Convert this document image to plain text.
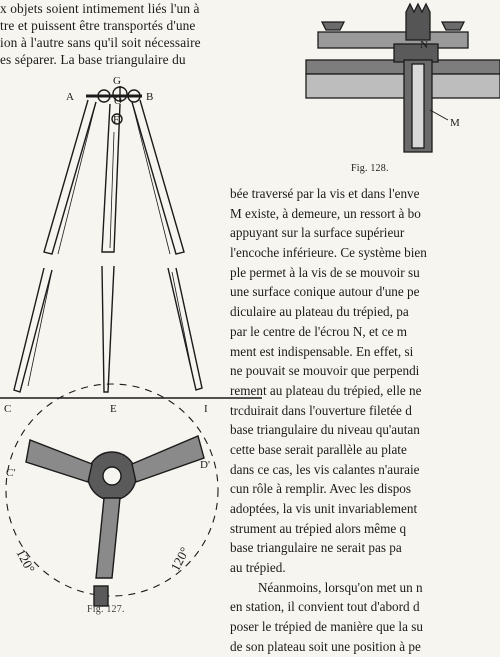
x objets soient intimement liés l'un à
tre et puissent être transportés d'une
ion à l'autre sans qu'il soit nécessaire
es séparer. La base triangulaire du
A
G
O
F
B
C	E	I
C'
D'
120°	120°
N
M
Fig. 128.
Fig. 127.
bée traversé par la vis et dans l'enve
M existe, à demeure, un ressort à bo
appuyant sur la surface supérieur
l'encoche inférieure. Ce système bien
ple permet à la vis de se mouvoir su
une surface conique autour d'une pe
diculaire au plateau du trépied, pa
par le centre de l'écrou N, et ce m
ment est indispensable. En effet, si
ne pouvait se mouvoir que perpendi
rement au plateau du trépied, elle ne
trcduirait dans l'ouverture filetée d
base triangulaire du niveau qu'autan
cette base serait parallèle au plate
dans ce cas, les vis calantes n'auraie
cun rôle à remplir. Avec les dispos
adoptées, la vis unit invariablement
strument au trépied alors même q
base triangulaire ne serait pas pa
au trépied.
Néanmoins, lorsqu'on met un n
en station, il convient tout d'abord d
poser le trépied de manière que la su
de son plateau soit une position à pe
